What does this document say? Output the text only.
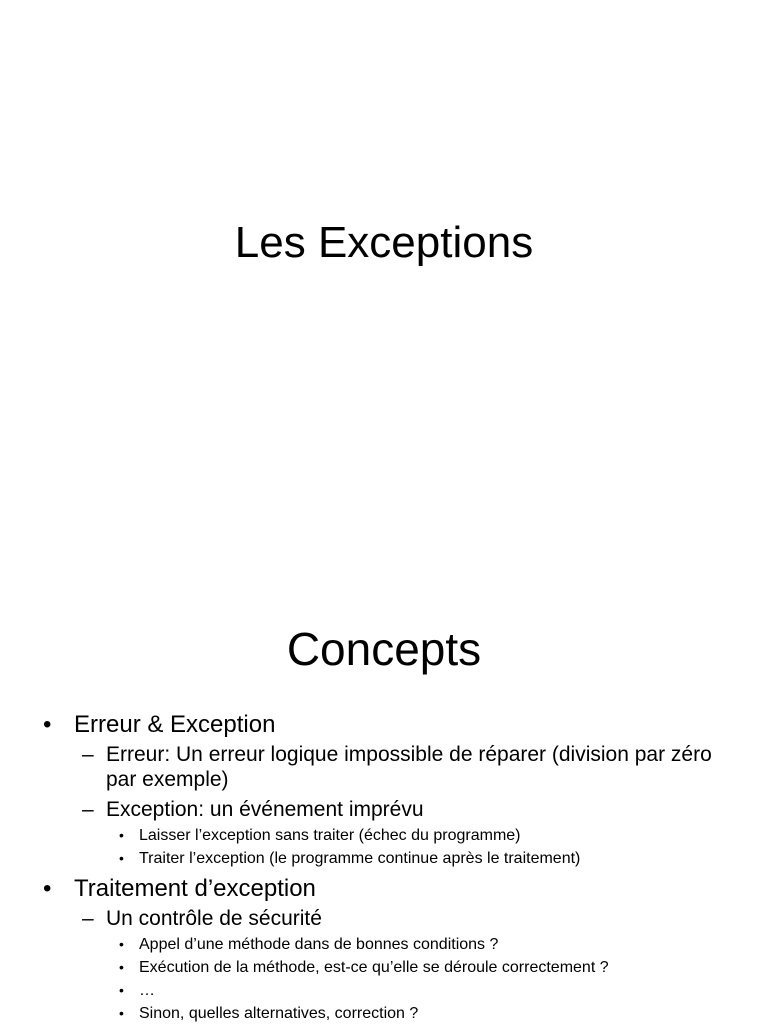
Les Exceptions
Concepts
• Erreur & Exception
– Erreur: Un erreur logique impossible de réparer (division par zéro par exemple)
– Exception: un événement imprévu
• Laisser l’exception sans traiter (échec du programme)
• Traiter l’exception (le programme continue après le traitement)
• Traitement d’exception
– Un contrôle de sécurité
• Appel d’une méthode dans de bonnes conditions ?
• Exécution de la méthode, est-ce qu’elle se déroule correctement ?
• …
• Sinon, quelles alternatives, correction ?
